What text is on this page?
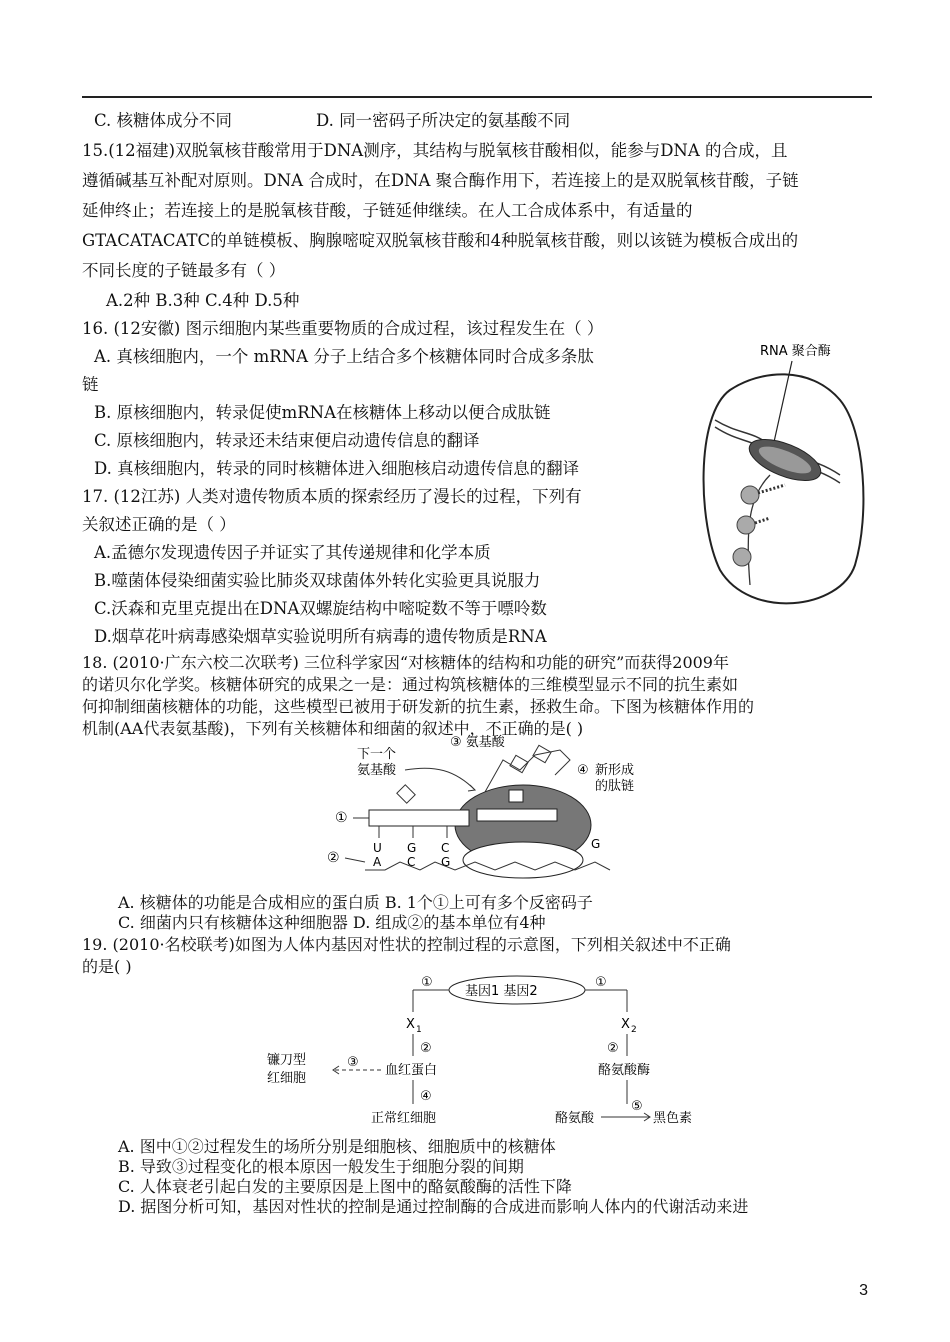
C. 核糖体成分不同	D. 同一密码子所决定的氨基酸不同
15.(12福建)双脱氧核苷酸常用于DNA测序，其结构与脱氧核苷酸相似，能参与DNA 的合成，且
遵循碱基互补配对原则。DNA 合成时，在DNA 聚合酶作用下，若连接上的是双脱氧核苷酸，子链
延伸终止；若连接上的是脱氧核苷酸，子链延伸继续。在人工合成体系中，有适量的
GTACATACATC的单链模板、胸腺嘧啶双脱氧核苷酸和4种脱氧核苷酸，则以该链为模板合成出的
不同长度的子链最多有（ ）
A.2种 B.3种 C.4种 D.5种
16. (12安徽) 图示细胞内某些重要物质的合成过程，该过程发生在（ ）
A. 真核细胞内，一个 mRNA 分子上结合多个核糖体同时合成多条肽
链
B. 原核细胞内，转录促使mRNA在核糖体上移动以便合成肽链
C. 原核细胞内，转录还未结束便启动遗传信息的翻译
D. 真核细胞内，转录的同时核糖体进入细胞核启动遗传信息的翻译
RNA 聚合酶
17. (12江苏) 人类对遗传物质本质的探索经历了漫长的过程，下列有
关叙述正确的是（ ）
A.孟德尔发现遗传因子并证实了其传递规律和化学本质
B.噬菌体侵染细菌实验比肺炎双球菌体外转化实验更具说服力
C.沃森和克里克提出在DNA双螺旋结构中嘧啶数不等于嘌呤数
D.烟草花叶病毒感染烟草实验说明所有病毒的遗传物质是RNA
18. (2010·广东六校二次联考) 三位科学家因“对核糖体的结构和功能的研究”而获得2009年
的诺贝尔化学奖。核糖体研究的成果之一是：通过构筑核糖体的三维模型显示不同的抗生素如
何抑制细菌核糖体的功能，这些模型已被用于研发新的抗生素，拯救生命。下图为核糖体作用的
机制(AA代表氨基酸)，下列有关核糖体和细菌的叙述中，不正确的是( )
③ 氨基酸
下一个
氨基酸	④ 新形成
的肽链
①
U G C
A C G
G
②
A. 核糖体的功能是合成相应的蛋白质 B. 1个①上可有多个反密码子
C. 细菌内只有核糖体这种细胞器 D. 组成②的基本单位有4种
19. (2010·名校联考)如图为人体内基因对性状的控制过程的示意图，下列相关叙述中不正确
的是( )
基因1 基因2
①	①
X 1	X 2
②	②
血红蛋白	酪氨酸酶
③
镰刀型
红细胞
④
正常红细胞	酪氨酸
⑤
黑色素
A. 图中①②过程发生的场所分别是细胞核、细胞质中的核糖体
B. 导致③过程变化的根本原因一般发生于细胞分裂的间期
C. 人体衰老引起白发的主要原因是上图中的酪氨酸酶的活性下降
D. 据图分析可知，基因对性状的控制是通过控制酶的合成进而影响人体内的代谢活动来进
3
